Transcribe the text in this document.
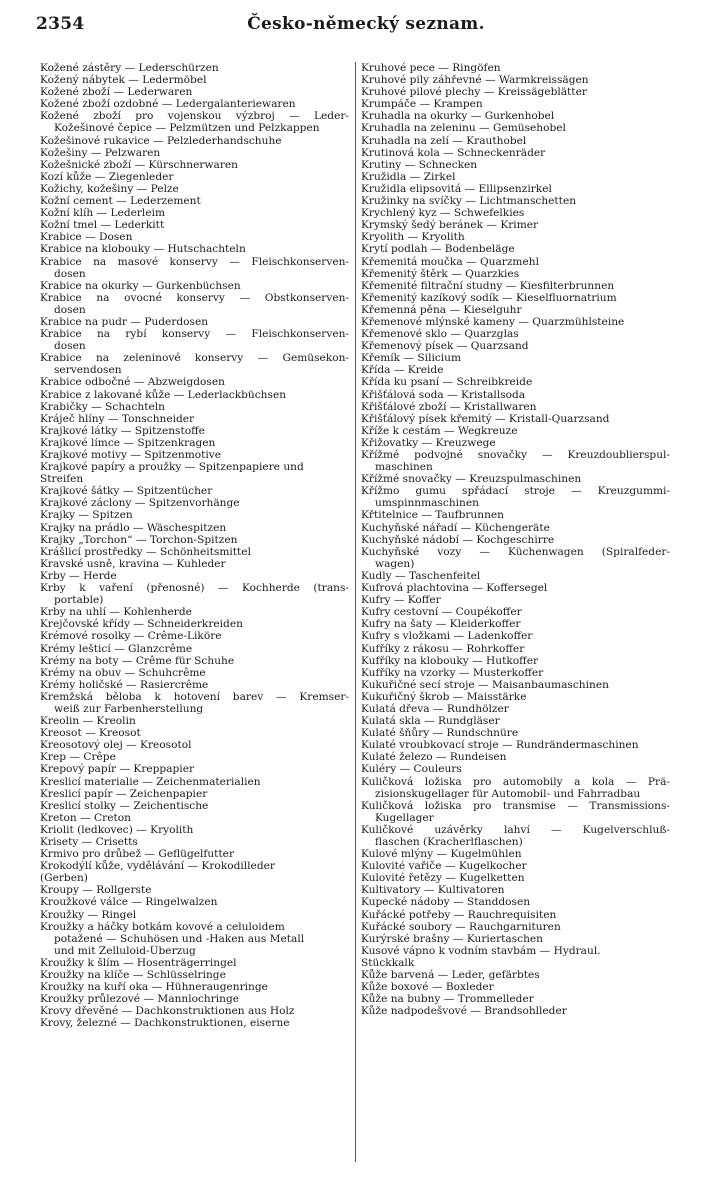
2354	Česko-německý seznam.
Kožené zástěry — Lederschürzen
Kožený nábytek — Ledermöbel
Kožené zboží — Lederwaren
Kožené zboží ozdobné — Ledergalanteriewaren
Kožené zboží pro vojenskou výzbroj — Leder-
Kožešinové čepice — Pelzmützen und Pelzkappen
Kožešinové rukavice — Pelzlederhandschuhe
Kožešiny — Pelzwaren
Kožešnické zboží — Kürschnerwaren
Kozí kůže — Ziegenleder
Kožichy, kožešiny — Pelze
Kožní cement — Lederzement
Kožní klíh — Lederleim
Kožní tmel — Lederkitt
Krabice — Dosen
Krabice na klobouky — Hutschachteln
Krabice na masové konservy — Fleischkonserven-
dosen
Krabice na okurky — Gurkenbüchsen
Krabice na ovocné konservy — Obstkonserven-
dosen
Krabice na pudr — Puderdosen
Krabice na rybí konservy — Fleischkonserven-
dosen
Krabice na zeleninové konservy — Gemüsekon-
servendosen
Krabice odbočné — Abzweigdosen
Krabice z lakované kůže — Lederlackbüchsen
Krabičky — Schachteln
Kráječ hlíny — Tonschneider
Krajkové látky — Spitzenstoffe
Krajkové límce — Spitzenkragen
Krajkové motivy — Spitzenmotive
Krajkové papíry a proužky — Spitzenpapiere und
Streifen
Krajkové šátky — Spitzentücher
Krajkové záclony — Spitzenvorhänge
Krajky — Spitzen
Krajky na prádlo — Wäschespitzen
Krajky „Torchon“ — Torchon-Spitzen
Krášlicí prostředky — Schönheitsmittel
Kravské usně, kravina — Kuhleder
Krby — Herde
Krby k vaření (přenosné) — Kochherde (trans-
portable)
Krby na uhlí — Kohlenherde
Krejčovské křídy — Schneiderkreiden
Krémové rosolky — Crême-Liköre
Krémy lešticí — Glanzcrême
Krémy na boty — Crême für Schuhe
Krémy na obuv — Schuhcrême
Krémy holičské — Rasiercrême
Kremžská běloba k hotovení barev — Kremser-
weiß zur Farbenherstellung
Kreolin — Kreolin
Kreosot — Kreosot
Kreosotový olej — Kreosotol
Krep — Crêpe
Krepový papír — Kreppapier
Kreslicí materialie — Zeichenmaterialien
Kreslicí papír — Zeichenpapier
Kreslicí stolky — Zeichentische
Kreton — Creton
Kriolit (ledkovec) — Kryolith
Krisety — Crisetts
Krmivo pro drůbež — Geflügelfutter
Krokodýlí kůže, vydělávání — Krokodilleder
(Gerben)
Kroupy — Rollgerste
Kroužkové válce — Ringelwalzen
Kroužky — Ringel
Kroužky a háčky botkám kovové a celuloidem
potažené — Schuhösen und -Haken aus Metall
und mit Zelluloid-Überzug
Kroužky k šlím — Hosenträgerringel
Kroužky na klíče — Schlüsselringe
Kroužky na kuří oka — Hühneraugenringe
Kroužky průlezové — Mannlochringe
Krovy dřevěné — Dachkonstruktionen aus Holz
Krovy, železné — Dachkonstruktionen, eiserne
Kruhové pece — Ringöfen
Kruhové pily záhřevné — Warmkreissägen
Kruhové pilové plechy — Kreissägeblätter
Krumpáče — Krampen
Kruhadla na okurky — Gurkenhobel
Kruhadla na zeleninu — Gemüsehobel
Kruhadla na zelí — Krauthobel
Krutinová kola — Schneckenräder
Krutiny — Schnecken
Kružidla — Zirkel
Kružidla elipsovitá — Ellipsenzirkel
Kružinky na svíčky — Lichtmanschetten
Krychlený kyz — Schwefelkies
Krymský šedý beránek — Krimer
Kryolith — Kryolith
Krytí podlah — Bodenbeläge
Křemenitá moučka — Quarzmehl
Křemenitý štěrk — Quarzkies
Křemenité filtrační studny — Kiesfilterbrunnen
Křemenitý kazíkový sodík — Kieselfluornatrium
Křemenná pěna — Kieselguhr
Křemenové mlýnské kameny — Quarzmühlsteine
Křemenové sklo — Quarzglas
Křemenový písek — Quarzsand
Křemík — Silicium
Křída — Kreide
Křída ku psaní — Schreibkreide
Křišťálová soda — Kristallsoda
Křišťálové zboží — Kristallwaren
Křišťálový písek křemitý — Kristall-Quarzsand
Kříže k cestám — Wegkreuze
Křižovatky — Kreuzwege
Křížmé podvojné snovačky — Kreuzdoublierspul-
maschinen
Křížmé snovačky — Kreuzspulmaschinen
Křížmo gumu spřádací stroje — Kreuzgummi-
umspinnmaschinen
Křtitelnice — Taufbrunnen
Kuchyňské nářadí — Küchengeräte
Kuchyňské nádobí — Kochgeschirre
Kuchyňské vozy — Küchenwagen (Spiralfeder-
wagen)
Kudly — Taschenfeitel
Kufrová plachtovina — Koffersegel
Kufry — Koffer
Kufry cestovní — Coupékoffer
Kufry na šaty — Kleiderkoffer
Kufry s vložkami — Ladenkoffer
Kufříky z rákosu — Rohrkoffer
Kufříky na klobouky — Hutkoffer
Kufříky na vzorky — Musterkoffer
Kukuřičné secí stroje — Maisanbaumaschinen
Kukuřičný škrob — Maisstärke
Kulatá dřeva — Rundhölzer
Kulatá skla — Rundgläser
Kulaté šňůry — Rundschnüre
Kulaté vroubkovací stroje — Rundrändermaschinen
Kulaté železo — Rundeisen
Kuléry — Couleurs
Kuličková ložiska pro automobily a kola — Prä-
zisionskugellager für Automobil- und Fahrradbau
Kuličková ložiska pro transmise — Transmissions-
Kugellager
Kuličkové uzávěrky lahví — Kugelverschluß-
flaschen (Kracherlflaschen)
Kulové mlýny — Kugelmühlen
Kulovité vařiče — Kugelkocher
Kulovité řetězy — Kugelketten
Kultivatory — Kultivatoren
Kupecké nádoby — Standdosen
Kuřácké potřeby — Rauchrequisiten
Kuřácké soubory — Rauchgarnituren
Kurýrské brašny — Kuriertaschen
Kusové vápno k vodním stavbám — Hydraul.
Stückkalk
Kůže barvená — Leder, gefärbtes
Kůže boxové — Boxleder
Kůže na bubny — Trommelleder
Kůže nadpodešvové — Brandsohlleder
